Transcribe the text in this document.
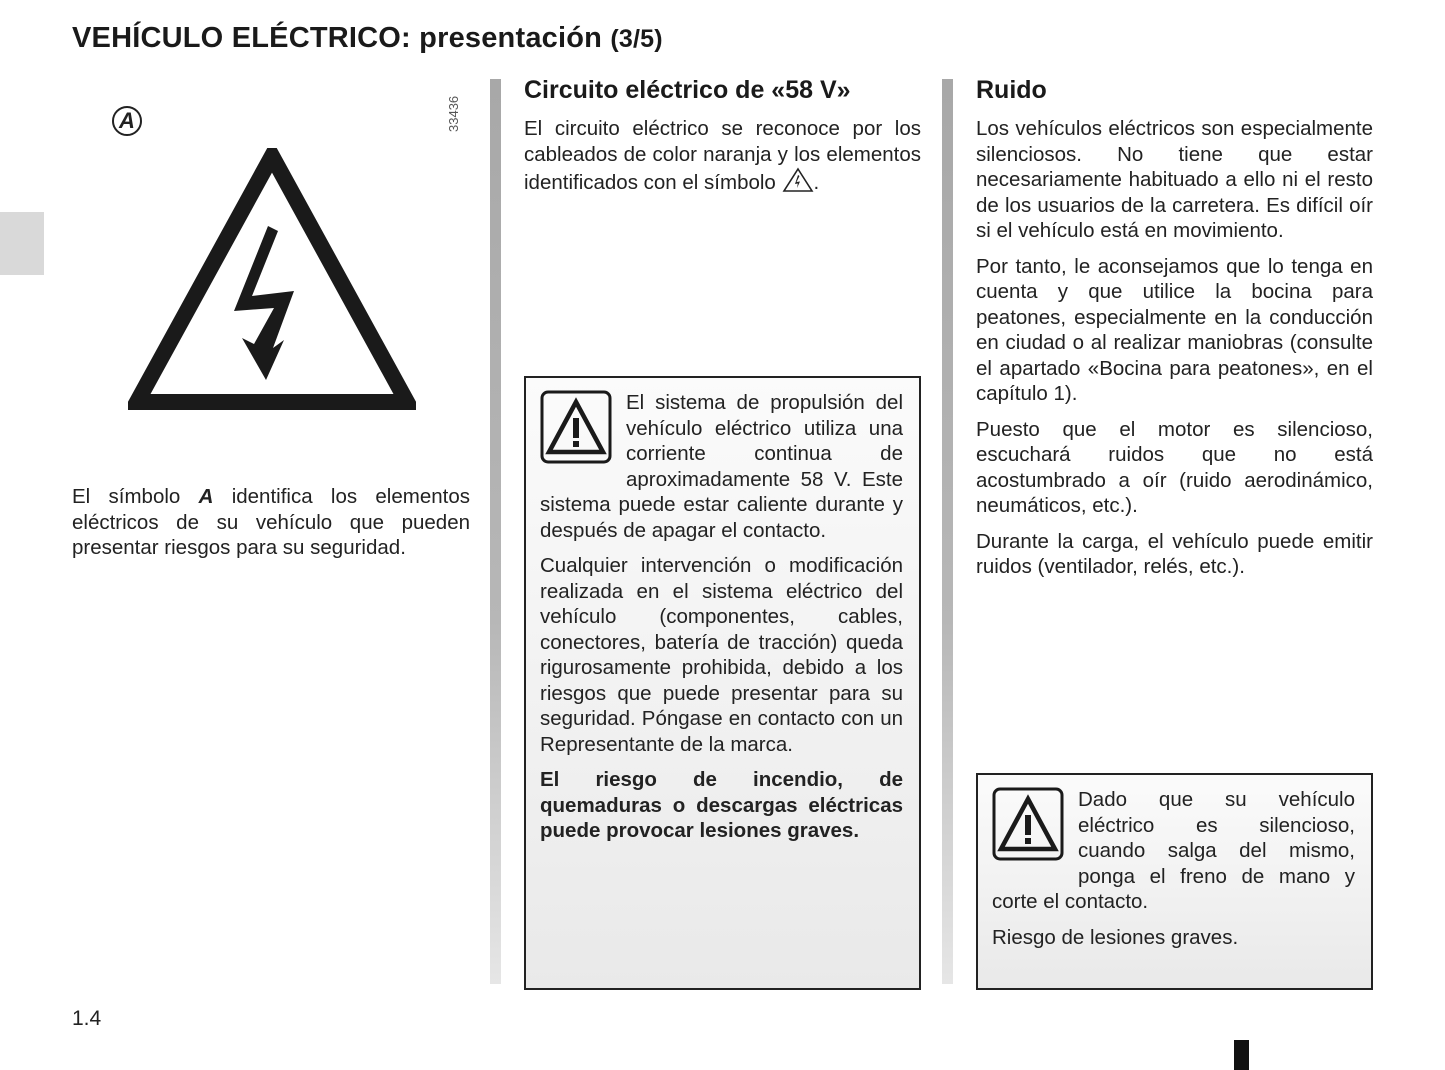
VEHÍCULO ELÉCTRICO: presentación (3/5)
A	33436
El símbolo A identifica los elementos eléctricos de su vehículo que pueden presentar riesgos para su seguridad.
Circuito eléctrico de «58 V»
El circuito eléctrico se reconoce por los cableados de color naranja y los elementos identificados con el símbolo .

El sistema de propulsión del vehículo eléctrico utiliza una corriente continua de aproximadamente 58 V. Este sistema puede estar caliente durante y después de apagar el contacto.

Cualquier intervención o modificación realizada en el sistema eléctrico del vehículo (componentes, cables, conectores, batería de tracción) queda rigurosamente prohibida, debido a los riesgos que puede presentar para su seguridad. Póngase en contacto con un Representante de la marca.

El riesgo de incendio, de quemaduras o descargas eléctricas puede provocar lesiones graves.

Ruido

Los vehículos eléctricos son especialmente silenciosos. No tiene que estar necesariamente habituado a ello ni el resto de los usuarios de la carretera. Es difícil oír si el vehículo está en movimiento.

Por tanto, le aconsejamos que lo tenga en cuenta y que utilice la bocina para peatones, especialmente en la conducción en ciudad o al realizar maniobras (consulte el apartado «Bocina para peatones», en el capítulo 1).

Puesto que el motor es silencioso, escuchará ruidos que no está acostumbrado a oír (ruido aerodinámico, neumáticos, etc.).

Durante la carga, el vehículo puede emitir ruidos (ventilador, relés, etc.).

Dado que su vehículo eléctrico es silencioso, cuando salga del mismo, ponga el freno de mano y corte el contacto.

Riesgo de lesiones graves.

1.4
